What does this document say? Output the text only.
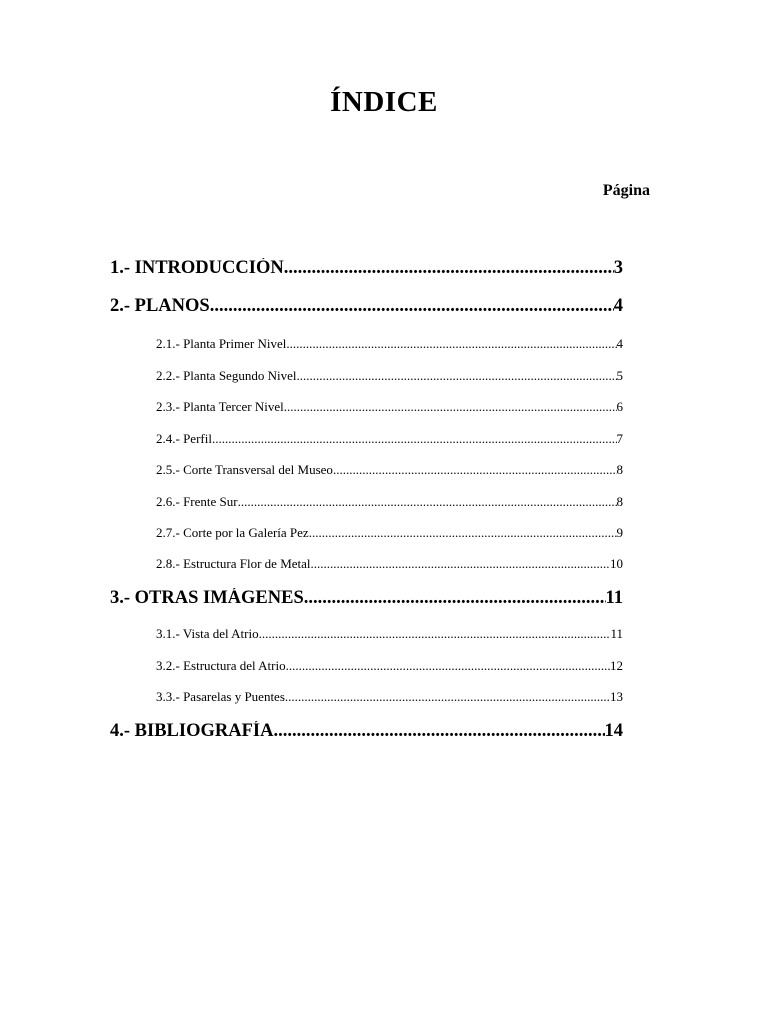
ÍNDICE
Página
1.- INTRODUCCIÓN .....	3
2.- PLANOS .....	4
2.1.- Planta Primer Nivel .....	4
2.2.- Planta Segundo Nivel .....	5
2.3.- Planta Tercer Nivel .....	6
2.4.- Perfil .....	7
2.5.- Corte Transversal del Museo .....	8
2.6.- Frente Sur .....	8
2.7.- Corte por la Galería Pez .....	9
2.8.- Estructura Flor de Metal .....	10
3.- OTRAS IMÁGENES .....	11
3.1.- Vista del Atrio .....	11
3.2.- Estructura del Atrio .....	12
3.3.- Pasarelas y Puentes .....	13
4.- BIBLIOGRAFÍA .....	14
